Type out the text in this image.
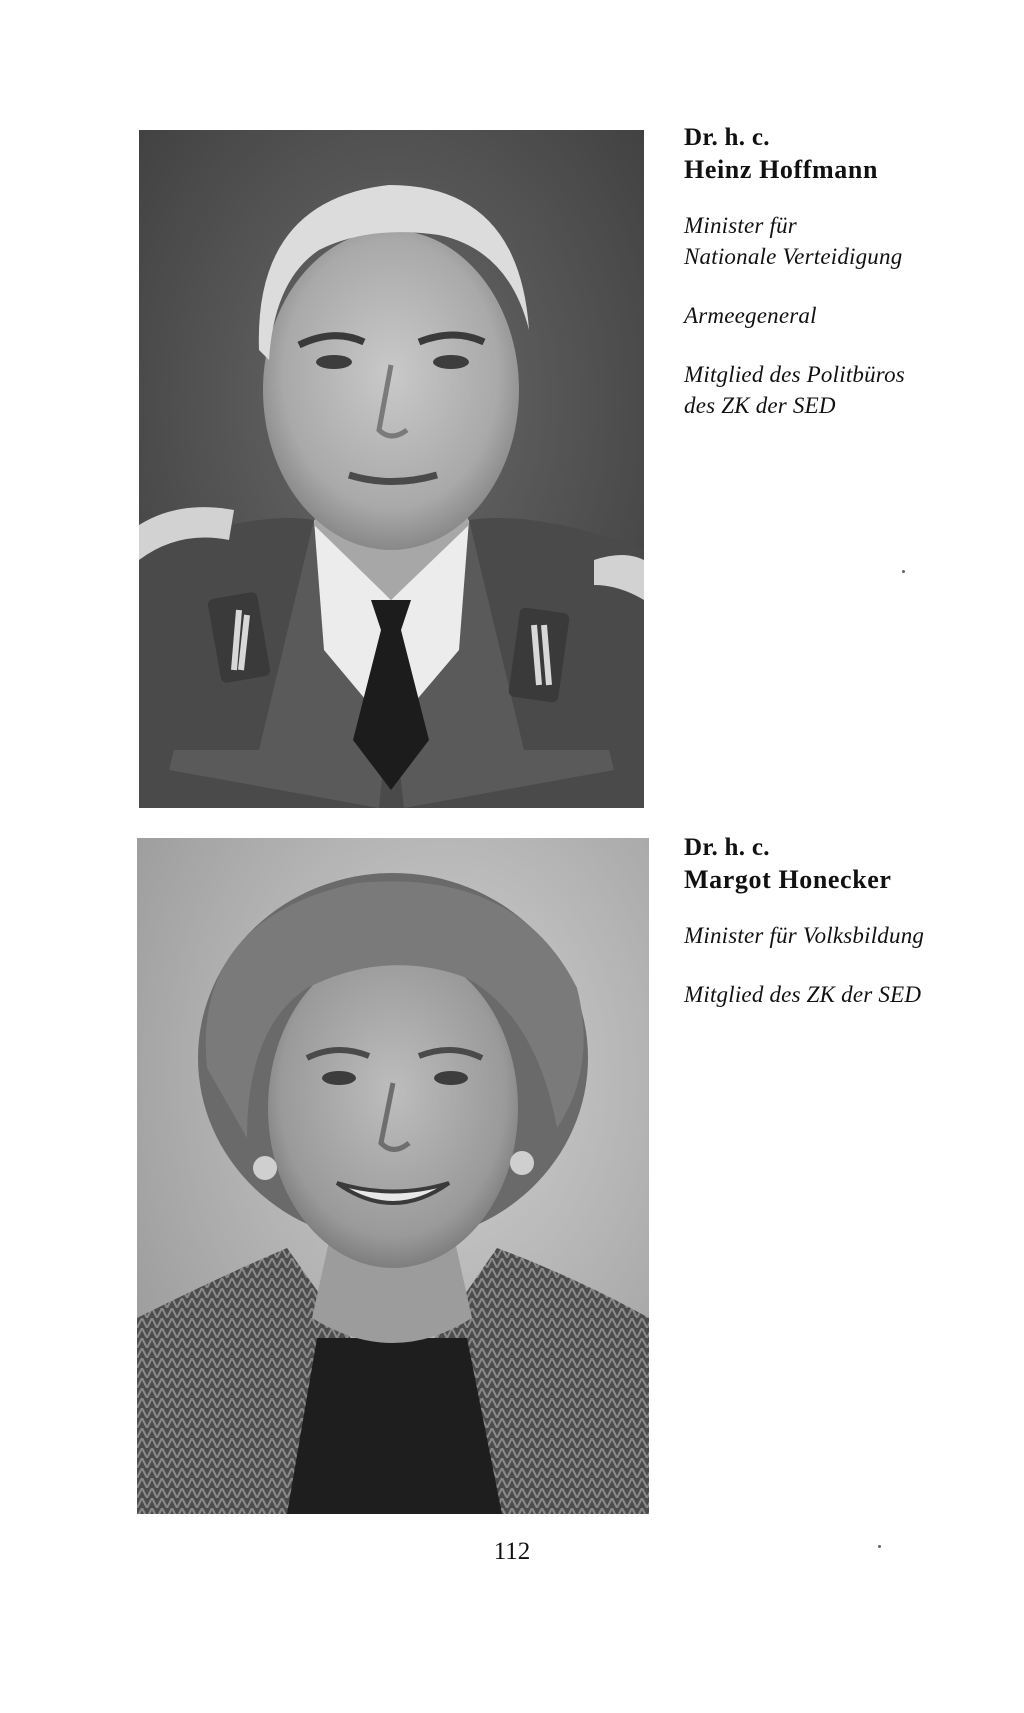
Dr. h. c.
Heinz Hoffmann
Minister für
Nationale Verteidigung
Armeegeneral
Mitglied des Politbüros
des ZK der SED
Dr. h. c.
Margot Honecker
Minister für Volksbildung
Mitglied des ZK der SED
112
